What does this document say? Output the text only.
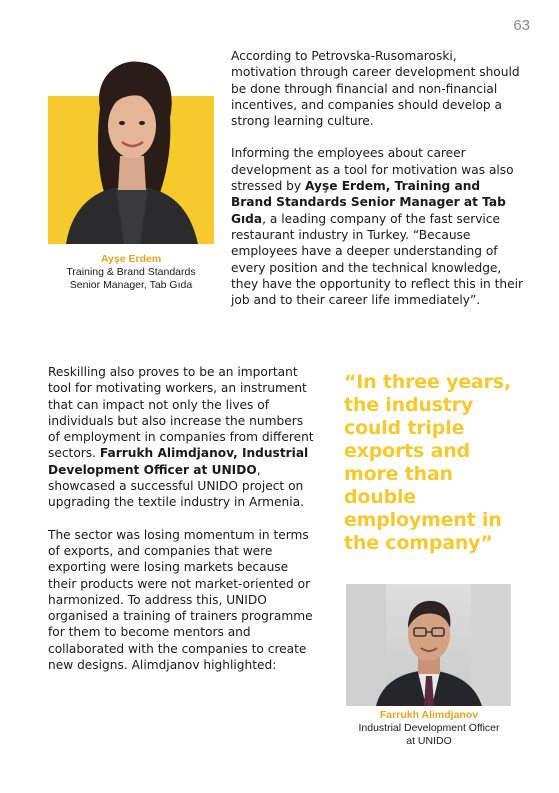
63
Ayşe Erdem
Training & Brand Standards
Senior Manager, Tab Gıda

According to Petrovska-Rusomaroski, motivation through career development should be done through financial and non-financial incentives, and companies should develop a strong learning culture.

Informing the employees about career development as a tool for motivation was also stressed by Ayşe Erdem, Training and Brand Standards Senior Manager at Tab Gıda, a leading company of the fast service restaurant industry in Turkey. “Because employees have a deeper understanding of every position and the technical knowledge, they have the opportunity to reflect this in their job and to their career life immediately”.

Reskilling also proves to be an important tool for motivating workers, an instrument that can impact not only the lives of individuals but also increase the numbers of employment in companies from different sectors. Farrukh Alimdjanov, Industrial Development Officer at UNIDO, showcased a successful UNIDO project on upgrading the textile industry in Armenia.

The sector was losing momentum in terms of exports, and companies that were exporting were losing markets because their products were not market-oriented or harmonized. To address this, UNIDO organised a training of trainers programme for them to become mentors and collaborated with the companies to create new designs. Alimdjanov highlighted:

“In three years, the industry could triple exports and more than double employment in the company”
Farrukh Alimdjanov
Industrial Development Officer
at UNIDO
